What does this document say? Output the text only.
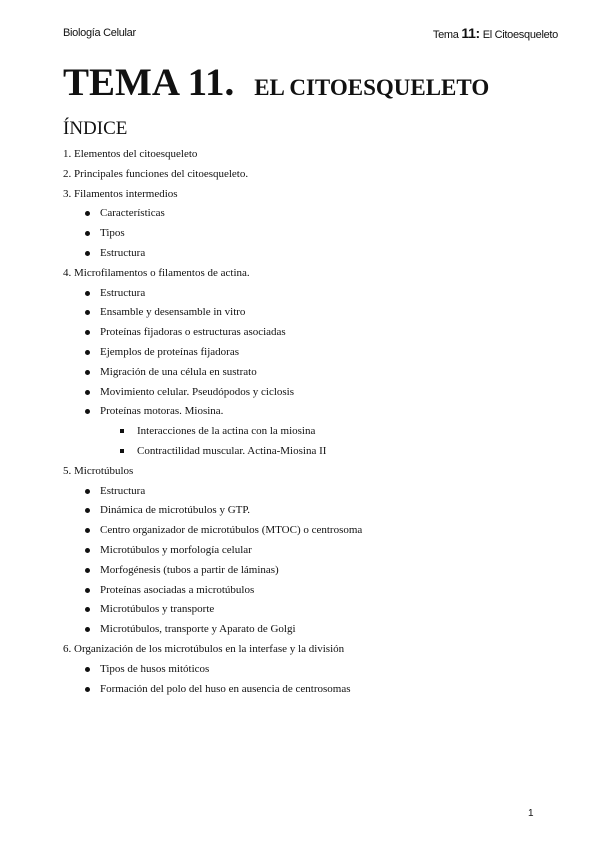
Biología Celular	Tema 11: El Citoesqueleto
TEMA 11. EL CITOESQUELETO
ÍNDICE
1. Elementos del citoesqueleto
2. Principales funciones del citoesqueleto.
3. Filamentos intermedios
Características
Tipos
Estructura
4. Microfilamentos o filamentos de actina.
Estructura
Ensamble y desensamble in vitro
Proteínas fijadoras o estructuras asociadas
Ejemplos de proteínas fijadoras
Migración de una célula en sustrato
Movimiento celular. Pseudópodos y ciclosis
Proteínas motoras. Miosina.
Interacciones de la actina con la miosina
Contractilidad muscular. Actina-Miosina II
5. Microtúbulos
Estructura
Dinámica de microtúbulos y GTP.
Centro organizador de microtúbulos (MTOC) o centrosoma
Microtúbulos y morfología celular
Morfogénesis (tubos a partir de láminas)
Proteínas asociadas a microtúbulos
Microtúbulos y transporte
Microtúbulos, transporte y Aparato de Golgi
6. Organización de los microtúbulos en la interfase y la división
Tipos de husos mitóticos
Formación del polo del huso en ausencia de centrosomas
1
